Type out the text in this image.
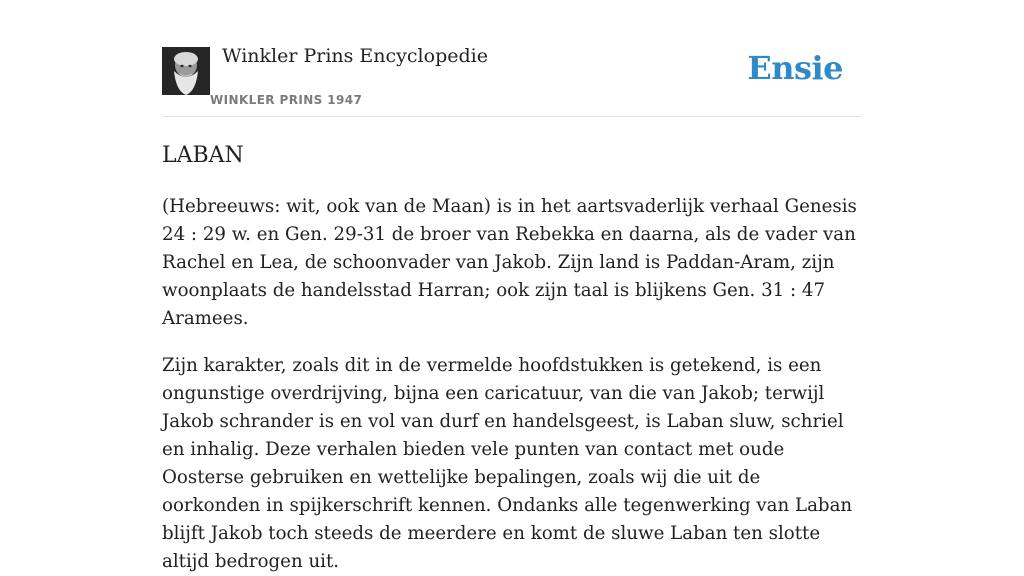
Winkler Prins Encyclopedie
WINKLER PRINS 1947
Ensie
LABAN

(Hebreeuws: wit, ook van de Maan) is in het aartsvaderlijk verhaal Genesis 24 : 29 w. en Gen. 29-31 de broer van Rebekka en daarna, als de vader van Rachel en Lea, de schoonvader van Jakob. Zijn land is Paddan-Aram, zijn woonplaats de handelsstad Harran; ook zijn taal is blijkens Gen. 31 : 47 Aramees.

Zijn karakter, zoals dit in de vermelde hoofdstukken is getekend, is een ongunstige overdrijving, bijna een caricatuur, van die van Jakob; terwijl Jakob schrander is en vol van durf en handelsgeest, is Laban sluw, schriel en inhalig. Deze verhalen bieden vele punten van contact met oude Oosterse gebruiken en wettelijke bepalingen, zoals wij die uit de oorkonden in spijkerschrift kennen. Ondanks alle tegenwerking van Laban blijft Jakob toch steeds de meerdere en komt de sluwe Laban ten slotte altijd bedrogen uit.
